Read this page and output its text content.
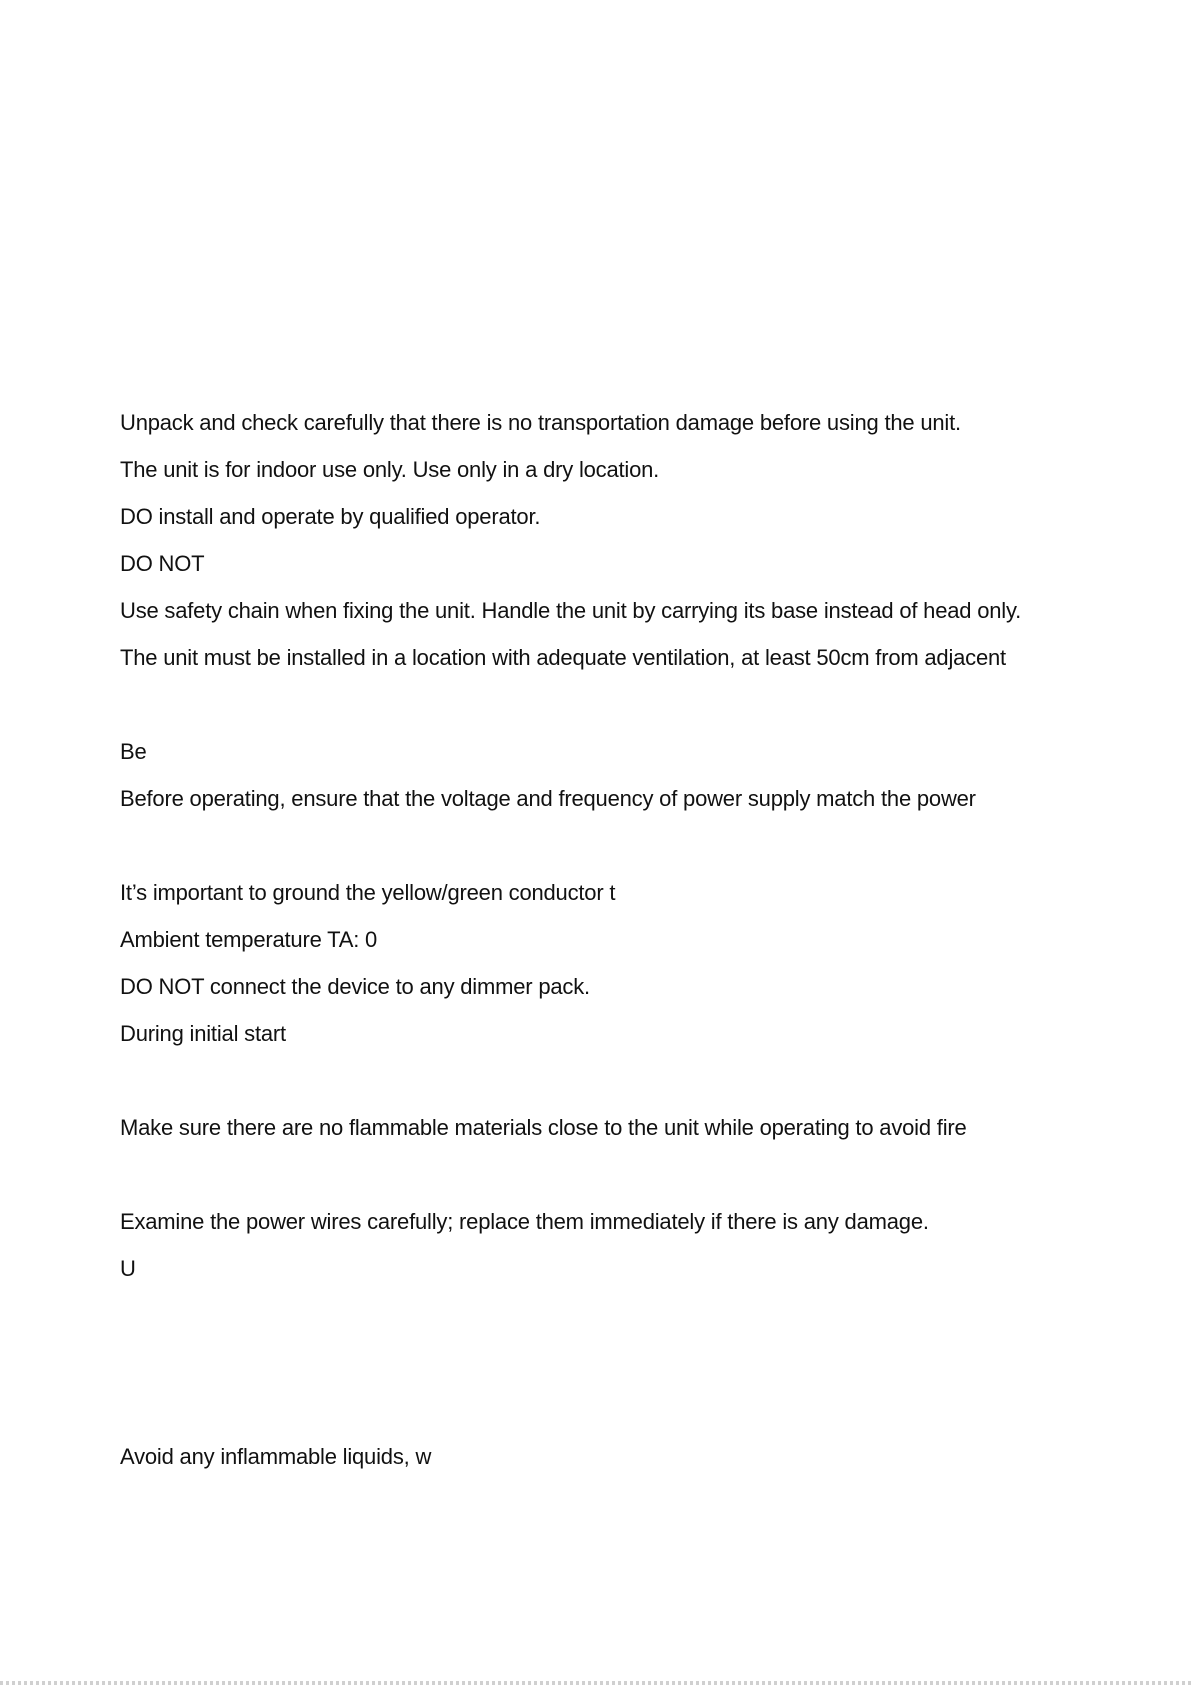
Unpack and check carefully that there is no transportation damage before using the unit.
The unit is for indoor use only. Use only in a dry location.
DO install and operate by qualified operator.
DO NOT
Use safety chain when fixing the unit. Handle the unit by carrying its base instead of head only.
The unit must be installed in a location with adequate ventilation, at least 50cm from adjacent
Be
Before operating, ensure that the voltage and frequency of power supply match the power
It’s important to ground the yellow/green conductor t
Ambient temperature TA: 0
DO NOT connect the device to any dimmer pack.
During initial start
Make sure there are no flammable materials close to the unit while operating to avoid fire
Examine the power wires carefully; replace them immediately if there is any damage.
U
Avoid any inflammable liquids, w
